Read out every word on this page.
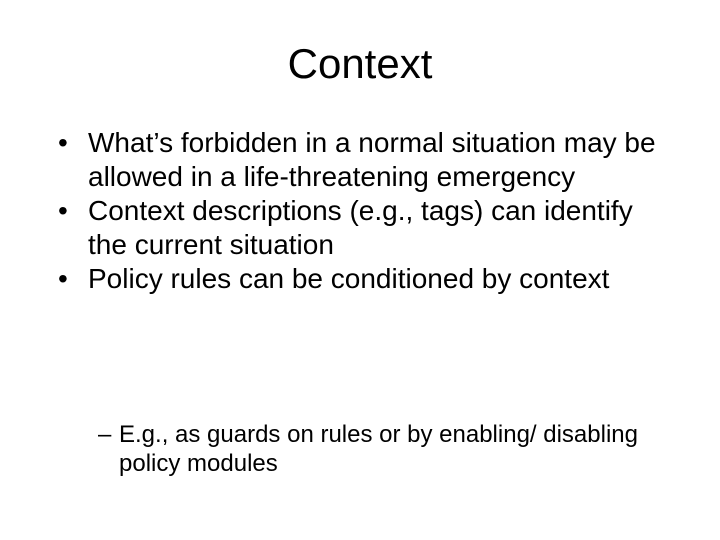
Context
• What’s forbidden in a normal situation may be allowed in a life-threatening emergency
• Context descriptions (e.g., tags) can identify the current situation
• Policy rules can be conditioned by context
– E.g., as guards on rules or by enabling/ disabling policy modules
